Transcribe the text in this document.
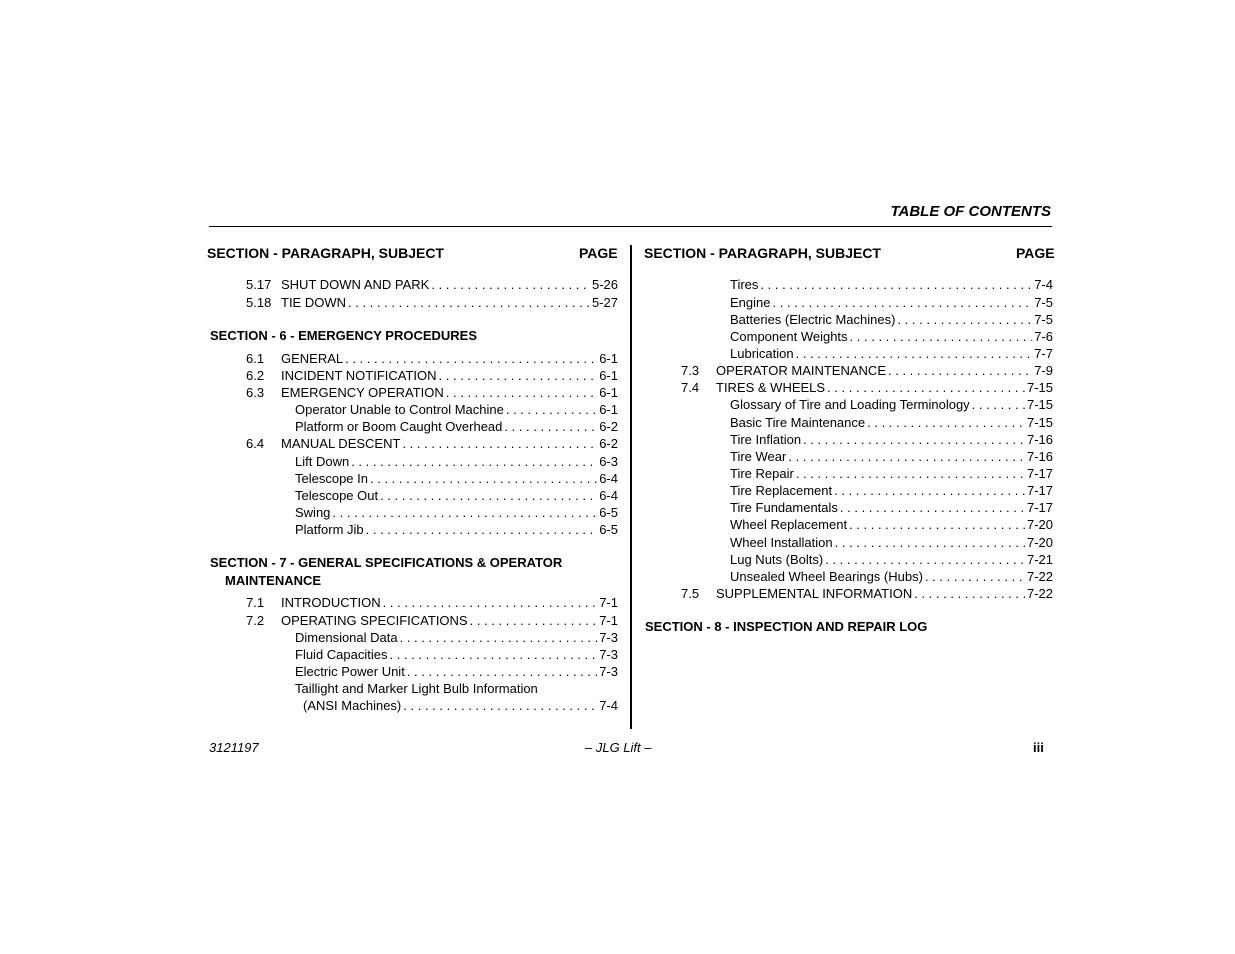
TABLE OF CONTENTS
SECTION - PARAGRAPH, SUBJECT	PAGE SECTION - PARAGRAPH, SUBJECT	PAGE
5.17 SHUT DOWN AND PARK . . .	5-26
5.18 TIE DOWN . . .	5-27
SECTION - 6 - EMERGENCY PROCEDURES
6.1	GENERAL . . .	6-1
6.2	INCIDENT NOTIFICATION . . .	6-1
6.3	EMERGENCY OPERATION . . .	6-1
Operator Unable to Control Machine . . .	6-1
Platform or Boom Caught Overhead . . .	6-2
6.4	MANUAL DESCENT . . .	6-2
Lift Down . . .	6-3
Telescope In . . .	6-4
Telescope Out . . .	6-4
Swing . . .	6-5
Platform Jib . . .	6-5
SECTION - 7 - GENERAL SPECIFICATIONS & OPERATOR
MAINTENANCE
7.1	INTRODUCTION . . .	7-1
7.2	OPERATING SPECIFICATIONS . . .	7-1
Dimensional Data . . .	7-3
Fluid Capacities . . .	7-3
Electric Power Unit . . .	7-3
Taillight and Marker Light Bulb Information
(ANSI Machines) . . .	7-4
Tires . . .	7-4
Engine . . .	7-5
Batteries (Electric Machines) . . .	7-5
Component Weights . . .	7-6
Lubrication . . .	7-7
7.3	OPERATOR MAINTENANCE . . .	7-9
7.4	TIRES & WHEELS . . .	7-15
Glossary of Tire and Loading Terminology . . .	7-15
Basic Tire Maintenance . . .	7-15
Tire Inflation . . .	7-16
Tire Wear . . .	7-16
Tire Repair . . .	7-17
Tire Replacement . . .	7-17
Tire Fundamentals . . .	7-17
Wheel Replacement . . .	7-20
Wheel Installation . . .	7-20
Lug Nuts (Bolts) . . .	7-21
Unsealed Wheel Bearings (Hubs) . . .	7-22
7.5	SUPPLEMENTAL INFORMATION . . .	7-22
SECTION - 8 - INSPECTION AND REPAIR LOG
3121197	– JLG Lift –	iii
